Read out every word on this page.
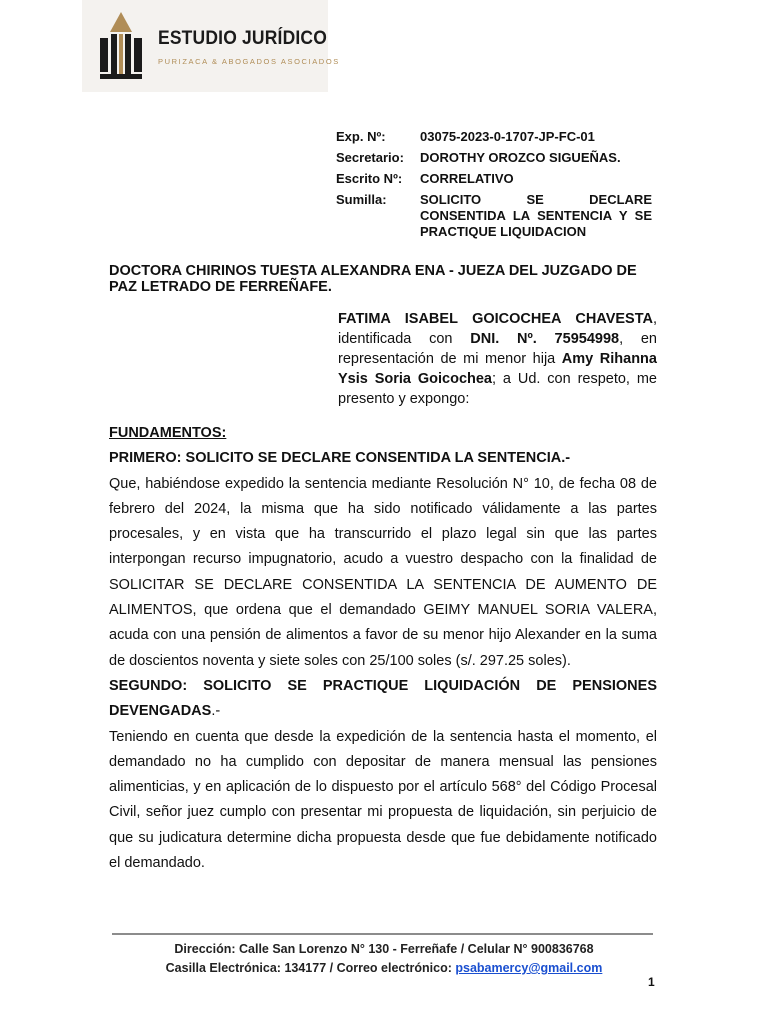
ESTUDIO JURÍDICO
PURIZACA & ABOGADOS ASOCIADOS
Exp. Nº:	03075-2023-0-1707-JP-FC-01
Secretario:	DOROTHY OROZCO SIGUEÑAS.
Escrito Nº:	CORRELATIVO
Sumilla:	SOLICITO SE DECLARE CONSENTIDA LA SENTENCIA Y SE PRACTIQUE LIQUIDACION
DOCTORA CHIRINOS TUESTA ALEXANDRA ENA - JUEZA DEL JUZGADO DE PAZ LETRADO DE FERREÑAFE.
FATIMA ISABEL GOICOCHEA CHAVESTA, identificada con DNI. Nº. 75954998, en representación de mi menor hija Amy Rihanna Ysis Soria Goicochea; a Ud. con respeto, me presento y expongo:

FUNDAMENTOS:

PRIMERO: SOLICITO SE DECLARE CONSENTIDA LA SENTENCIA.-

Que, habiéndose expedido la sentencia mediante Resolución N° 10, de fecha 08 de febrero del 2024, la misma que ha sido notificado válidamente a las partes procesales, y en vista que ha transcurrido el plazo legal sin que las partes interpongan recurso impugnatorio, acudo a vuestro despacho con la finalidad de SOLICITAR SE DECLARE CONSENTIDA LA SENTENCIA DE AUMENTO DE ALIMENTOS, que ordena que el demandado GEIMY MANUEL SORIA VALERA, acuda con una pensión de alimentos a favor de su menor hijo Alexander en la suma de doscientos noventa y siete soles con 25/100 soles (s/. 297.25 soles).

SEGUNDO: SOLICITO SE PRACTIQUE LIQUIDACIÓN DE PENSIONES DEVENGADAS.-

Teniendo en cuenta que desde la expedición de la sentencia hasta el momento, el demandado no ha cumplido con depositar de manera mensual las pensiones alimenticias, y en aplicación de lo dispuesto por el artículo 568° del Código Procesal Civil, señor juez cumplo con presentar mi propuesta de liquidación, sin perjuicio de que su judicatura determine dicha propuesta desde que fue debidamente notificado el demandado.

Dirección: Calle San Lorenzo N° 130 - Ferreñafe / Celular N° 900836768
Casilla Electrónica: 134177 / Correo electrónico: psabamercy@gmail.com
1
